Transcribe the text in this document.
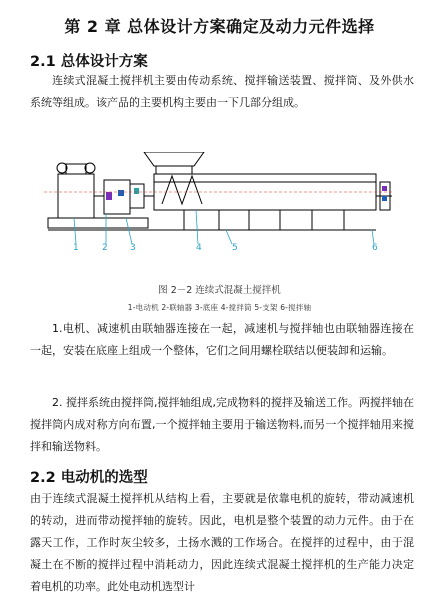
第 2 章 总体设计方案确定及动力元件选择
2.1 总体设计方案

连续式混凝土搅拌机主要由传动系统、搅拌输送装置、搅拌筒、及外供水系统等组成。该产品的主要机构主要由一下几部分组成。

1	2 3	4	5	6
图 2－2 连续式混凝土搅拌机
1-电动机 2-联轴器 3-底座 4-搅拌筒 5-支架 6-搅拌轴

1.电机、减速机由联轴器连接在一起，减速机与搅拌轴也由联轴器连接在一起，安装在底座上组成一个整体，它们之间用螺栓联结以便装卸和运输。

2. 搅拌系统由搅拌筒,搅拌轴组成,完成物料的搅拌及输送工作。两搅拌轴在搅拌筒内成对称方向布置,一个搅拌轴主要用于输送物料,而另一个搅拌轴用来搅拌和输送物料。

2.2 电动机的选型

由于连续式混凝土搅拌机从结构上看，主要就是依靠电机的旋转，带动减速机的转动，进而带动搅拌轴的旋转。因此，电机是整个装置的动力元件。由于在露天工作，工作时灰尘较多，土扬水溅的工作场合。在搅拌的过程中，由于混凝土在不断的搅拌过程中消耗动力，因此连续式混凝土搅拌机的生产能力决定着电机的功率。此处电动机选型计
